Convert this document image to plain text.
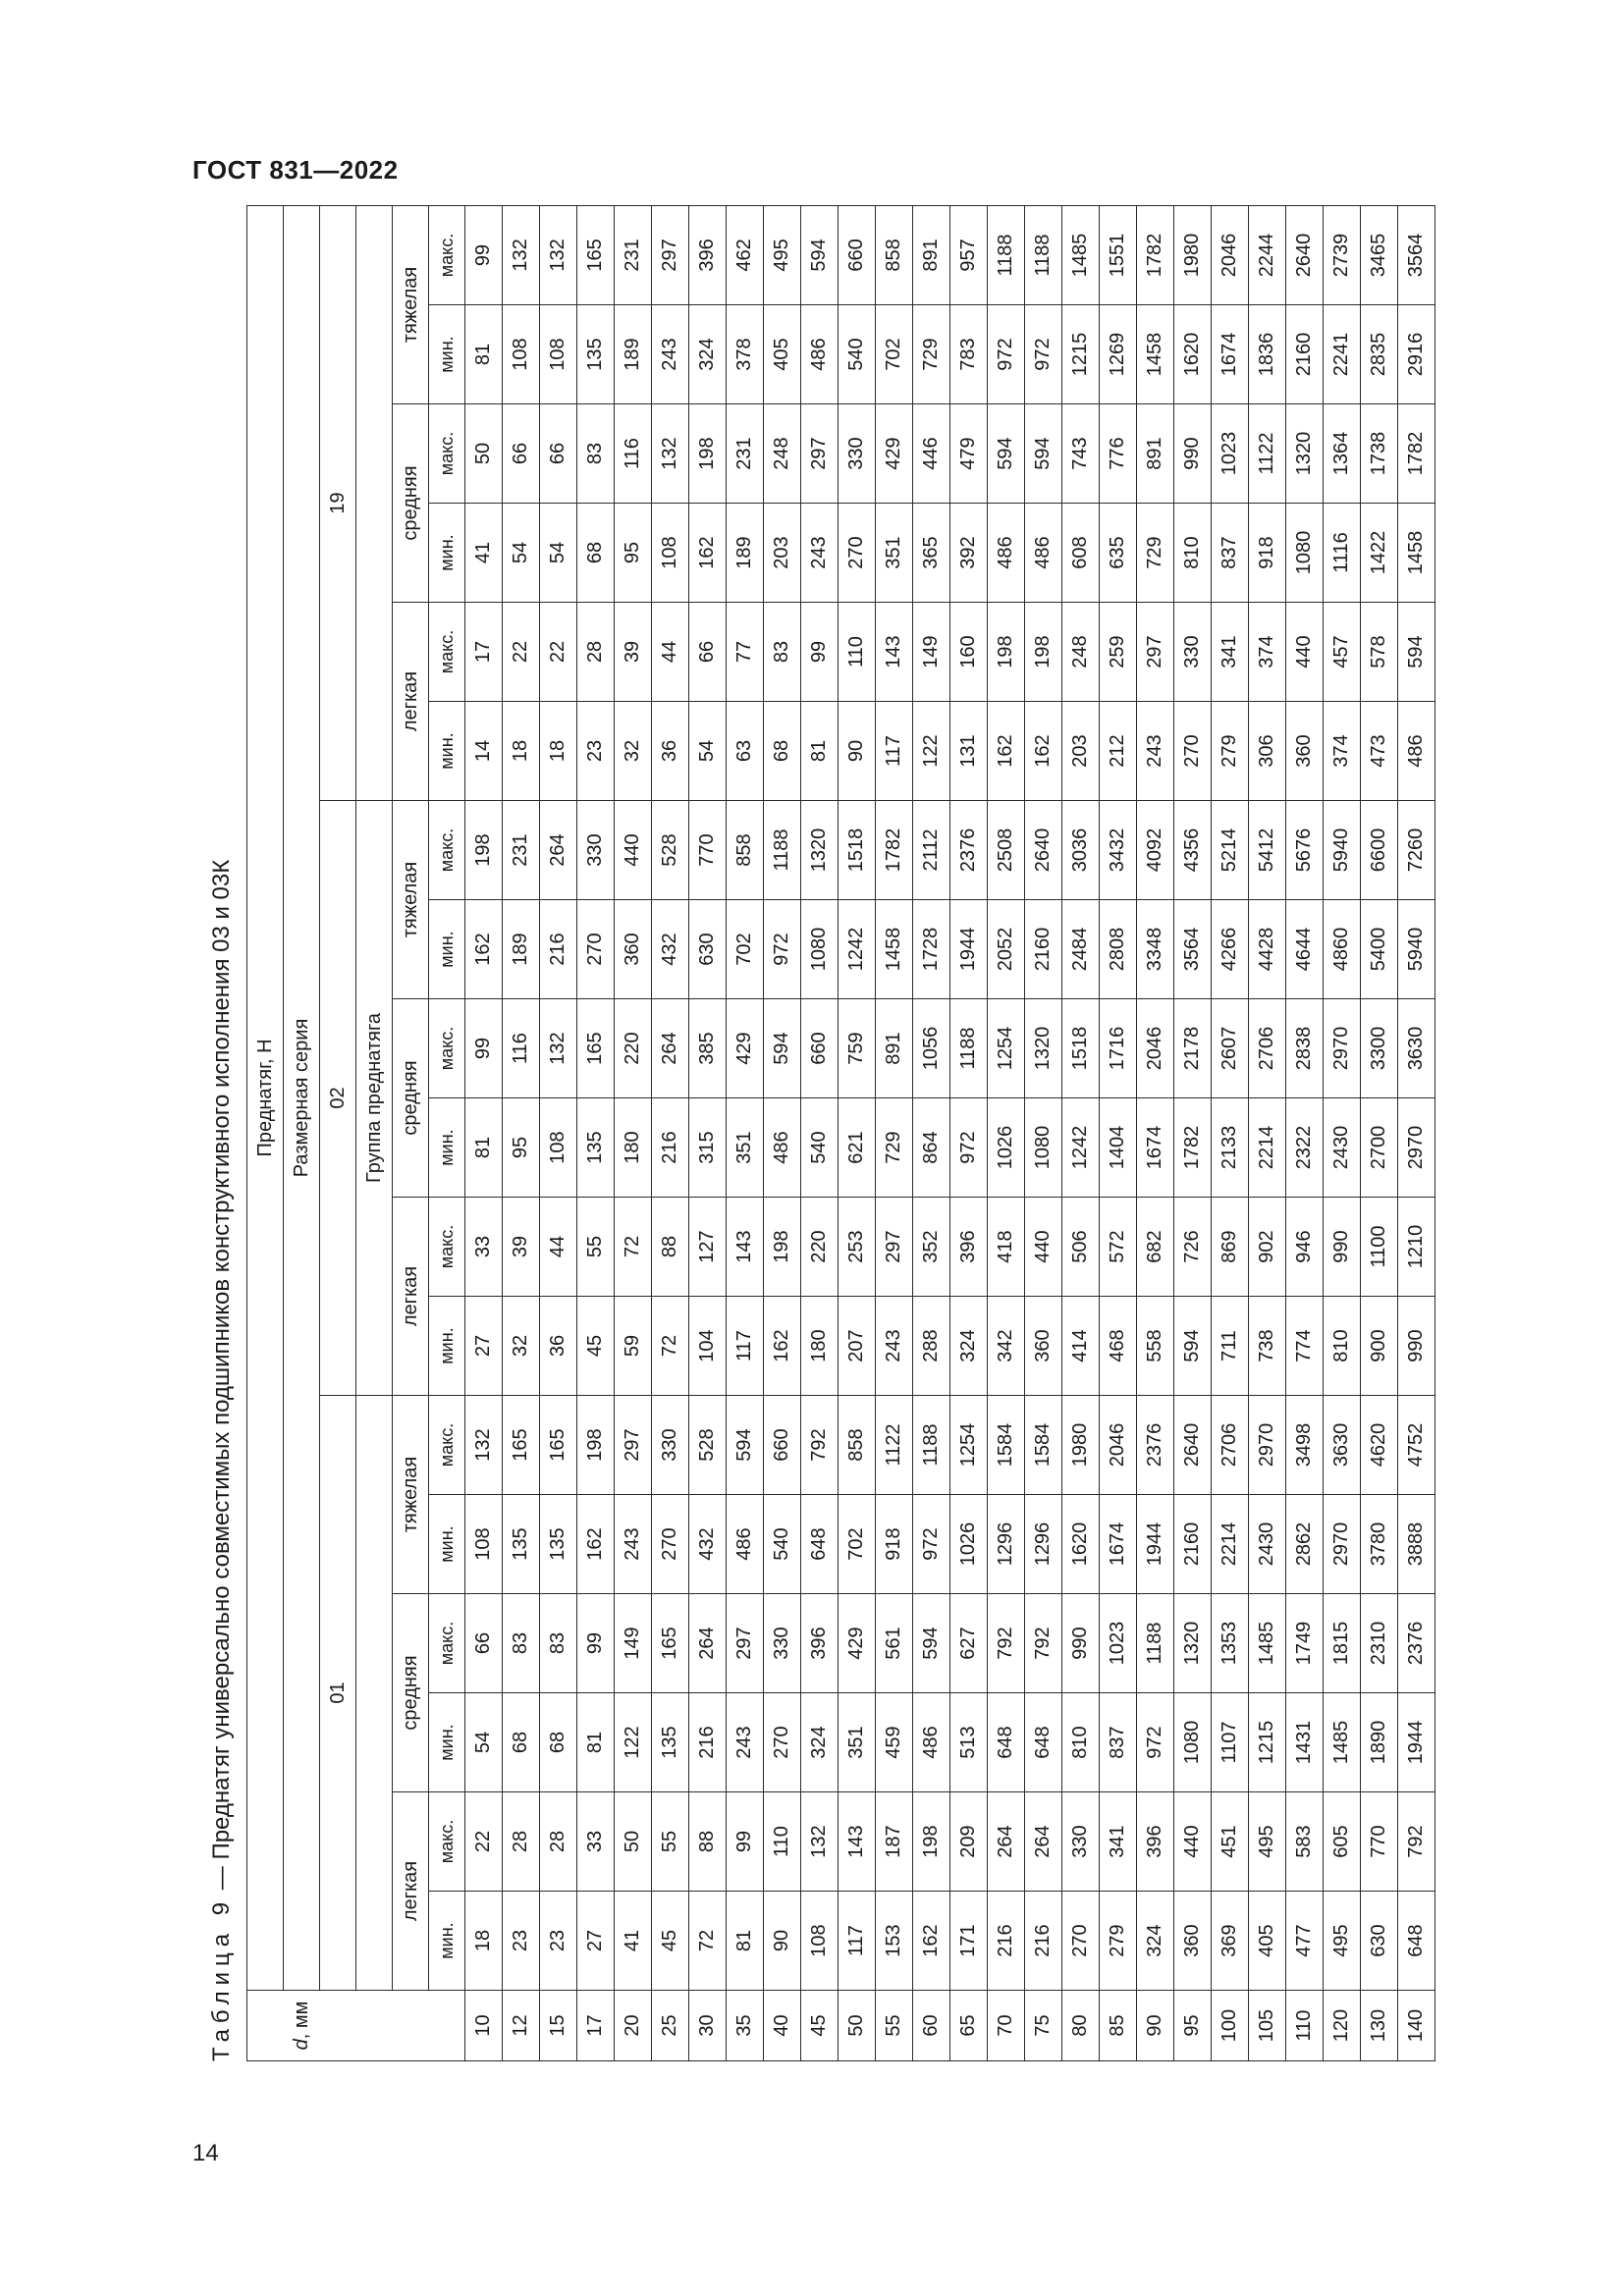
ГОСТ 831—2022
14
Таблица 9 — Преднатяг универсально совместимых подшипников конструктивного исполнения 03 и 03К
	Преднатяг, Н																	
d, мм	Размерная серия																	
	01						02						19					
							Группа преднатяга											
	легкая		средняя		тяжелая		легкая		средняя		тяжелая		легкая		средняя		тяжелая	
	мин.	макс.	мин.	макс.	мин.	макс.	мин.	макс.	мин.	макс.	мин.	макс.	мин.	макс.	мин.	макс.	мин.	макс.
10	18	22	54	66	108	132	27	33	81	99	162	198	14	17	41	50	81	99
12	23	28	68	83	135	165	32	39	95	116	189	231	18	22	54	66	108	132
15	23	28	68	83	135	165	36	44	108	132	216	264	18	22	54	66	108	132
17	27	33	81	99	162	198	45	55	135	165	270	330	23	28	68	83	135	165
20	41	50	122	149	243	297	59	72	180	220	360	440	32	39	95	116	189	231
25	45	55	135	165	270	330	72	88	216	264	432	528	36	44	108	132	243	297
30	72	88	216	264	432	528	104	127	315	385	630	770	54	66	162	198	324	396
35	81	99	243	297	486	594	117	143	351	429	702	858	63	77	189	231	378	462
40	90	110	270	330	540	660	162	198	486	594	972	1188	68	83	203	248	405	495
45	108	132	324	396	648	792	180	220	540	660	1080	1320	81	99	243	297	486	594
50	117	143	351	429	702	858	207	253	621	759	1242	1518	90	110	270	330	540	660
55	153	187	459	561	918	1122	243	297	729	891	1458	1782	117	143	351	429	702	858
60	162	198	486	594	972	1188	288	352	864	1056	1728	2112	122	149	365	446	729	891
65	171	209	513	627	1026	1254	324	396	972	1188	1944	2376	131	160	392	479	783	957
70	216	264	648	792	1296	1584	342	418	1026	1254	2052	2508	162	198	486	594	972	1188
75	216	264	648	792	1296	1584	360	440	1080	1320	2160	2640	162	198	486	594	972	1188
80	270	330	810	990	1620	1980	414	506	1242	1518	2484	3036	203	248	608	743	1215	1485
85	279	341	837	1023	1674	2046	468	572	1404	1716	2808	3432	212	259	635	776	1269	1551
90	324	396	972	1188	1944	2376	558	682	1674	2046	3348	4092	243	297	729	891	1458	1782
95	360	440	1080	1320	2160	2640	594	726	1782	2178	3564	4356	270	330	810	990	1620	1980
100	369	451	1107	1353	2214	2706	711	869	2133	2607	4266	5214	279	341	837	1023	1674	2046
105	405	495	1215	1485	2430	2970	738	902	2214	2706	4428	5412	306	374	918	1122	1836	2244
110	477	583	1431	1749	2862	3498	774	946	2322	2838	4644	5676	360	440	1080	1320	2160	2640
120	495	605	1485	1815	2970	3630	810	990	2430	2970	4860	5940	374	457	1116	1364	2241	2739
130	630	770	1890	2310	3780	4620	900	1100	2700	3300	5400	6600	473	578	1422	1738	2835	3465
140	648	792	1944	2376	3888	4752	990	1210	2970	3630	5940	7260	486	594	1458	1782	2916	3564
